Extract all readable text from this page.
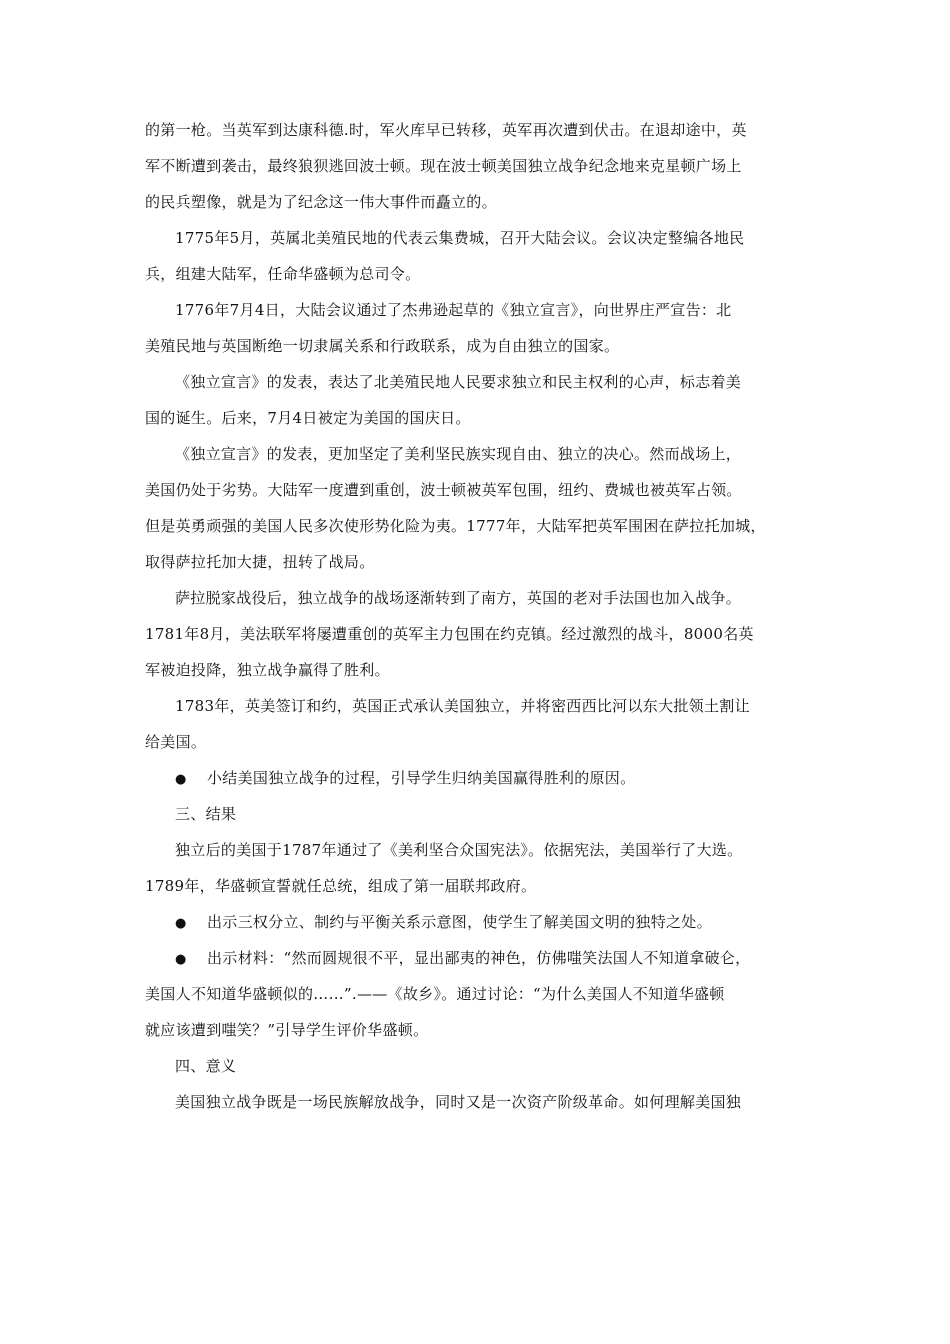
的第一枪。当英军到达康科德.时，军火库早已转移，英军再次遭到伏击。在退却途中，英
军不断遭到袭击，最终狼狈逃回波士顿。现在波士顿美国独立战争纪念地来克星顿广场上
的民兵塑像，就是为了纪念这一伟大事件而矗立的。
1775年5月，英属北美殖民地的代表云集费城，召开大陆会议。会议决定整编各地民
兵，组建大陆军，任命华盛顿为总司令。
1776年7月4日，大陆会议通过了杰弗逊起草的《独立宣言》，向世界庄严宣告：北
美殖民地与英国断绝一切隶属关系和行政联系，成为自由独立的国家。
《独立宣言》的发表，表达了北美殖民地人民要求独立和民主权利的心声，标志着美
国的诞生。后来，7月4日被定为美国的国庆日。
《独立宣言》的发表，更加坚定了美利坚民族实现自由、独立的决心。然而战场上，
美国仍处于劣势。大陆军一度遭到重创，波士顿被英军包围，纽约、费城也被英军占领。
但是英勇顽强的美国人民多次使形势化险为夷。1777年，大陆军把英军围困在萨拉托加城，
取得萨拉托加大捷，扭转了战局。
萨拉脱家战役后，独立战争的战场逐渐转到了南方，英国的老对手法国也加入战争。
1781年8月，美法联军将屡遭重创的英军主力包围在约克镇。经过激烈的战斗，8000名英
军被迫投降，独立战争赢得了胜利。
1783年，英美签订和约，英国正式承认美国独立，并将密西西比河以东大批领土割让
给美国。
● 小结美国独立战争的过程，引导学生归纳美国赢得胜利的原因。
三、结果
独立后的美国于1787年通过了《美利坚合众国宪法》。依据宪法，美国举行了大选。
1789年，华盛顿宣誓就任总统，组成了第一届联邦政府。
● 出示三权分立、制约与平衡关系示意图，使学生了解美国文明的独特之处。
● 出示材料：“然而圆规很不平，显出鄙夷的神色，仿佛嗤笑法国人不知道拿破仑，
美国人不知道华盛顿似的……”.——《故乡》。通过讨论：“为什么美国人不知道华盛顿
就应该遭到嗤笑？”引导学生评价华盛顿。
四、意义
美国独立战争既是一场民族解放战争，同时又是一次资产阶级革命。如何理解美国独
